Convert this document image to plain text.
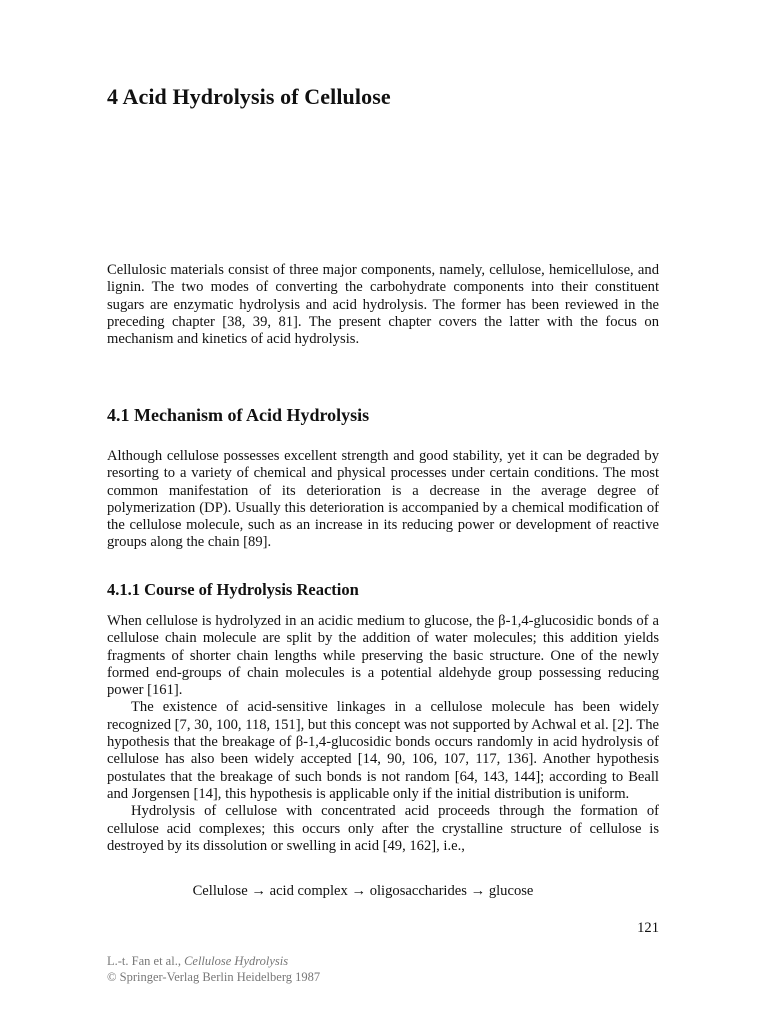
4 Acid Hydrolysis of Cellulose

Cellulosic materials consist of three major components, namely, cellulose, hemicellulose, and lignin. The two modes of converting the carbohydrate components into their constituent sugars are enzymatic hydrolysis and acid hydrolysis. The former has been reviewed in the preceding chapter [38, 39, 81]. The present chapter covers the latter with the focus on mechanism and kinetics of acid hydrolysis.

4.1 Mechanism of Acid Hydrolysis

Although cellulose possesses excellent strength and good stability, yet it can be degraded by resorting to a variety of chemical and physical processes under certain conditions. The most common manifestation of its deterioration is a decrease in the average degree of polymerization (DP). Usually this deterioration is accompanied by a chemical modification of the cellulose molecule, such as an increase in its reducing power or development of reactive groups along the chain [89].

4.1.1 Course of Hydrolysis Reaction

When cellulose is hydrolyzed in an acidic medium to glucose, the β-1,4-glucosidic bonds of a cellulose chain molecule are split by the addition of water molecules; this addition yields fragments of shorter chain lengths while preserving the basic structure. One of the newly formed end-groups of chain molecules is a potential aldehyde group possessing reducing power [161].

The existence of acid-sensitive linkages in a cellulose molecule has been widely recognized [7, 30, 100, 118, 151], but this concept was not supported by Achwal et al. [2]. The hypothesis that the breakage of β-1,4-glucosidic bonds occurs randomly in acid hydrolysis of cellulose has also been widely accepted [14, 90, 106, 107, 117, 136]. Another hypothesis postulates that the breakage of such bonds is not random [64, 143, 144]; according to Beall and Jorgensen [14], this hypothesis is applicable only if the initial distribution is uniform.

Hydrolysis of cellulose with concentrated acid proceeds through the formation of cellulose acid complexes; this occurs only after the crystalline structure of cellulose is destroyed by its dissolution or swelling in acid [49, 162], i.e.,

Cellulose → acid complex → oligosaccharides → glucose
121
L.-t. Fan et al., Cellulose Hydrolysis
© Springer-Verlag Berlin Heidelberg 1987
